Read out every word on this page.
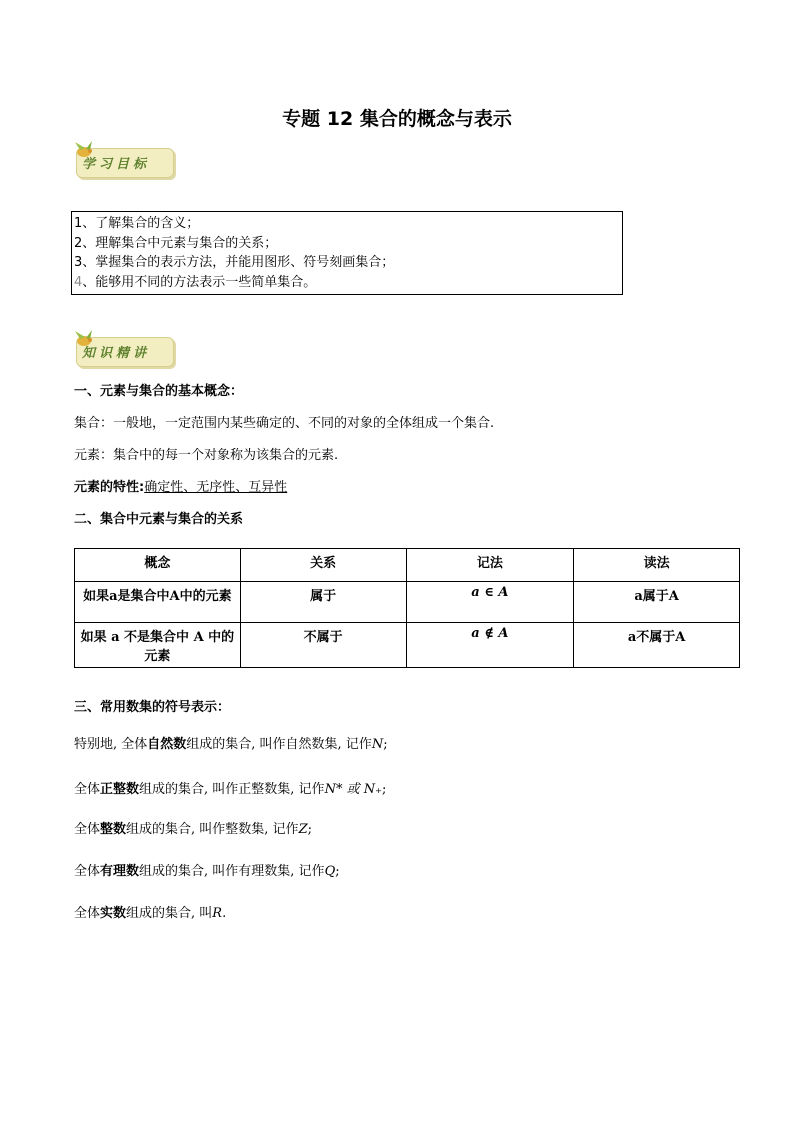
专题 12 集合的概念与表示
学习目标
1、了解集合的含义；
2、理解集合中元素与集合的关系；
3、掌握集合的表示方法，并能用图形、符号刻画集合；
4、能够用不同的方法表示一些简单集合。
知识精讲
一、元素与集合的基本概念：
集合：一般地，一定范围内某些确定的、不同的对象的全体组成一个集合.
元素：集合中的每一个对象称为该集合的元素.
元素的特性:确定性、无序性、互异性
二、集合中元素与集合的关系
概念	关系	记法	读法
如果a是集合中A中的元素	属于	a ∈ A	a属于A
如果 a 不是集合中 A 中的元素	不属于	a ∉ A	a不属于A
三、常用数集的符号表示：
特别地, 全体自然数组成的集合, 叫作自然数集, 记作N;
全体正整数组成的集合, 叫作正整数集, 记作N* 或 N₊;
全体整数组成的集合, 叫作整数集, 记作Z;
全体有理数组成的集合, 叫作有理数集, 记作Q;
全体实数组成的集合, 叫R.
